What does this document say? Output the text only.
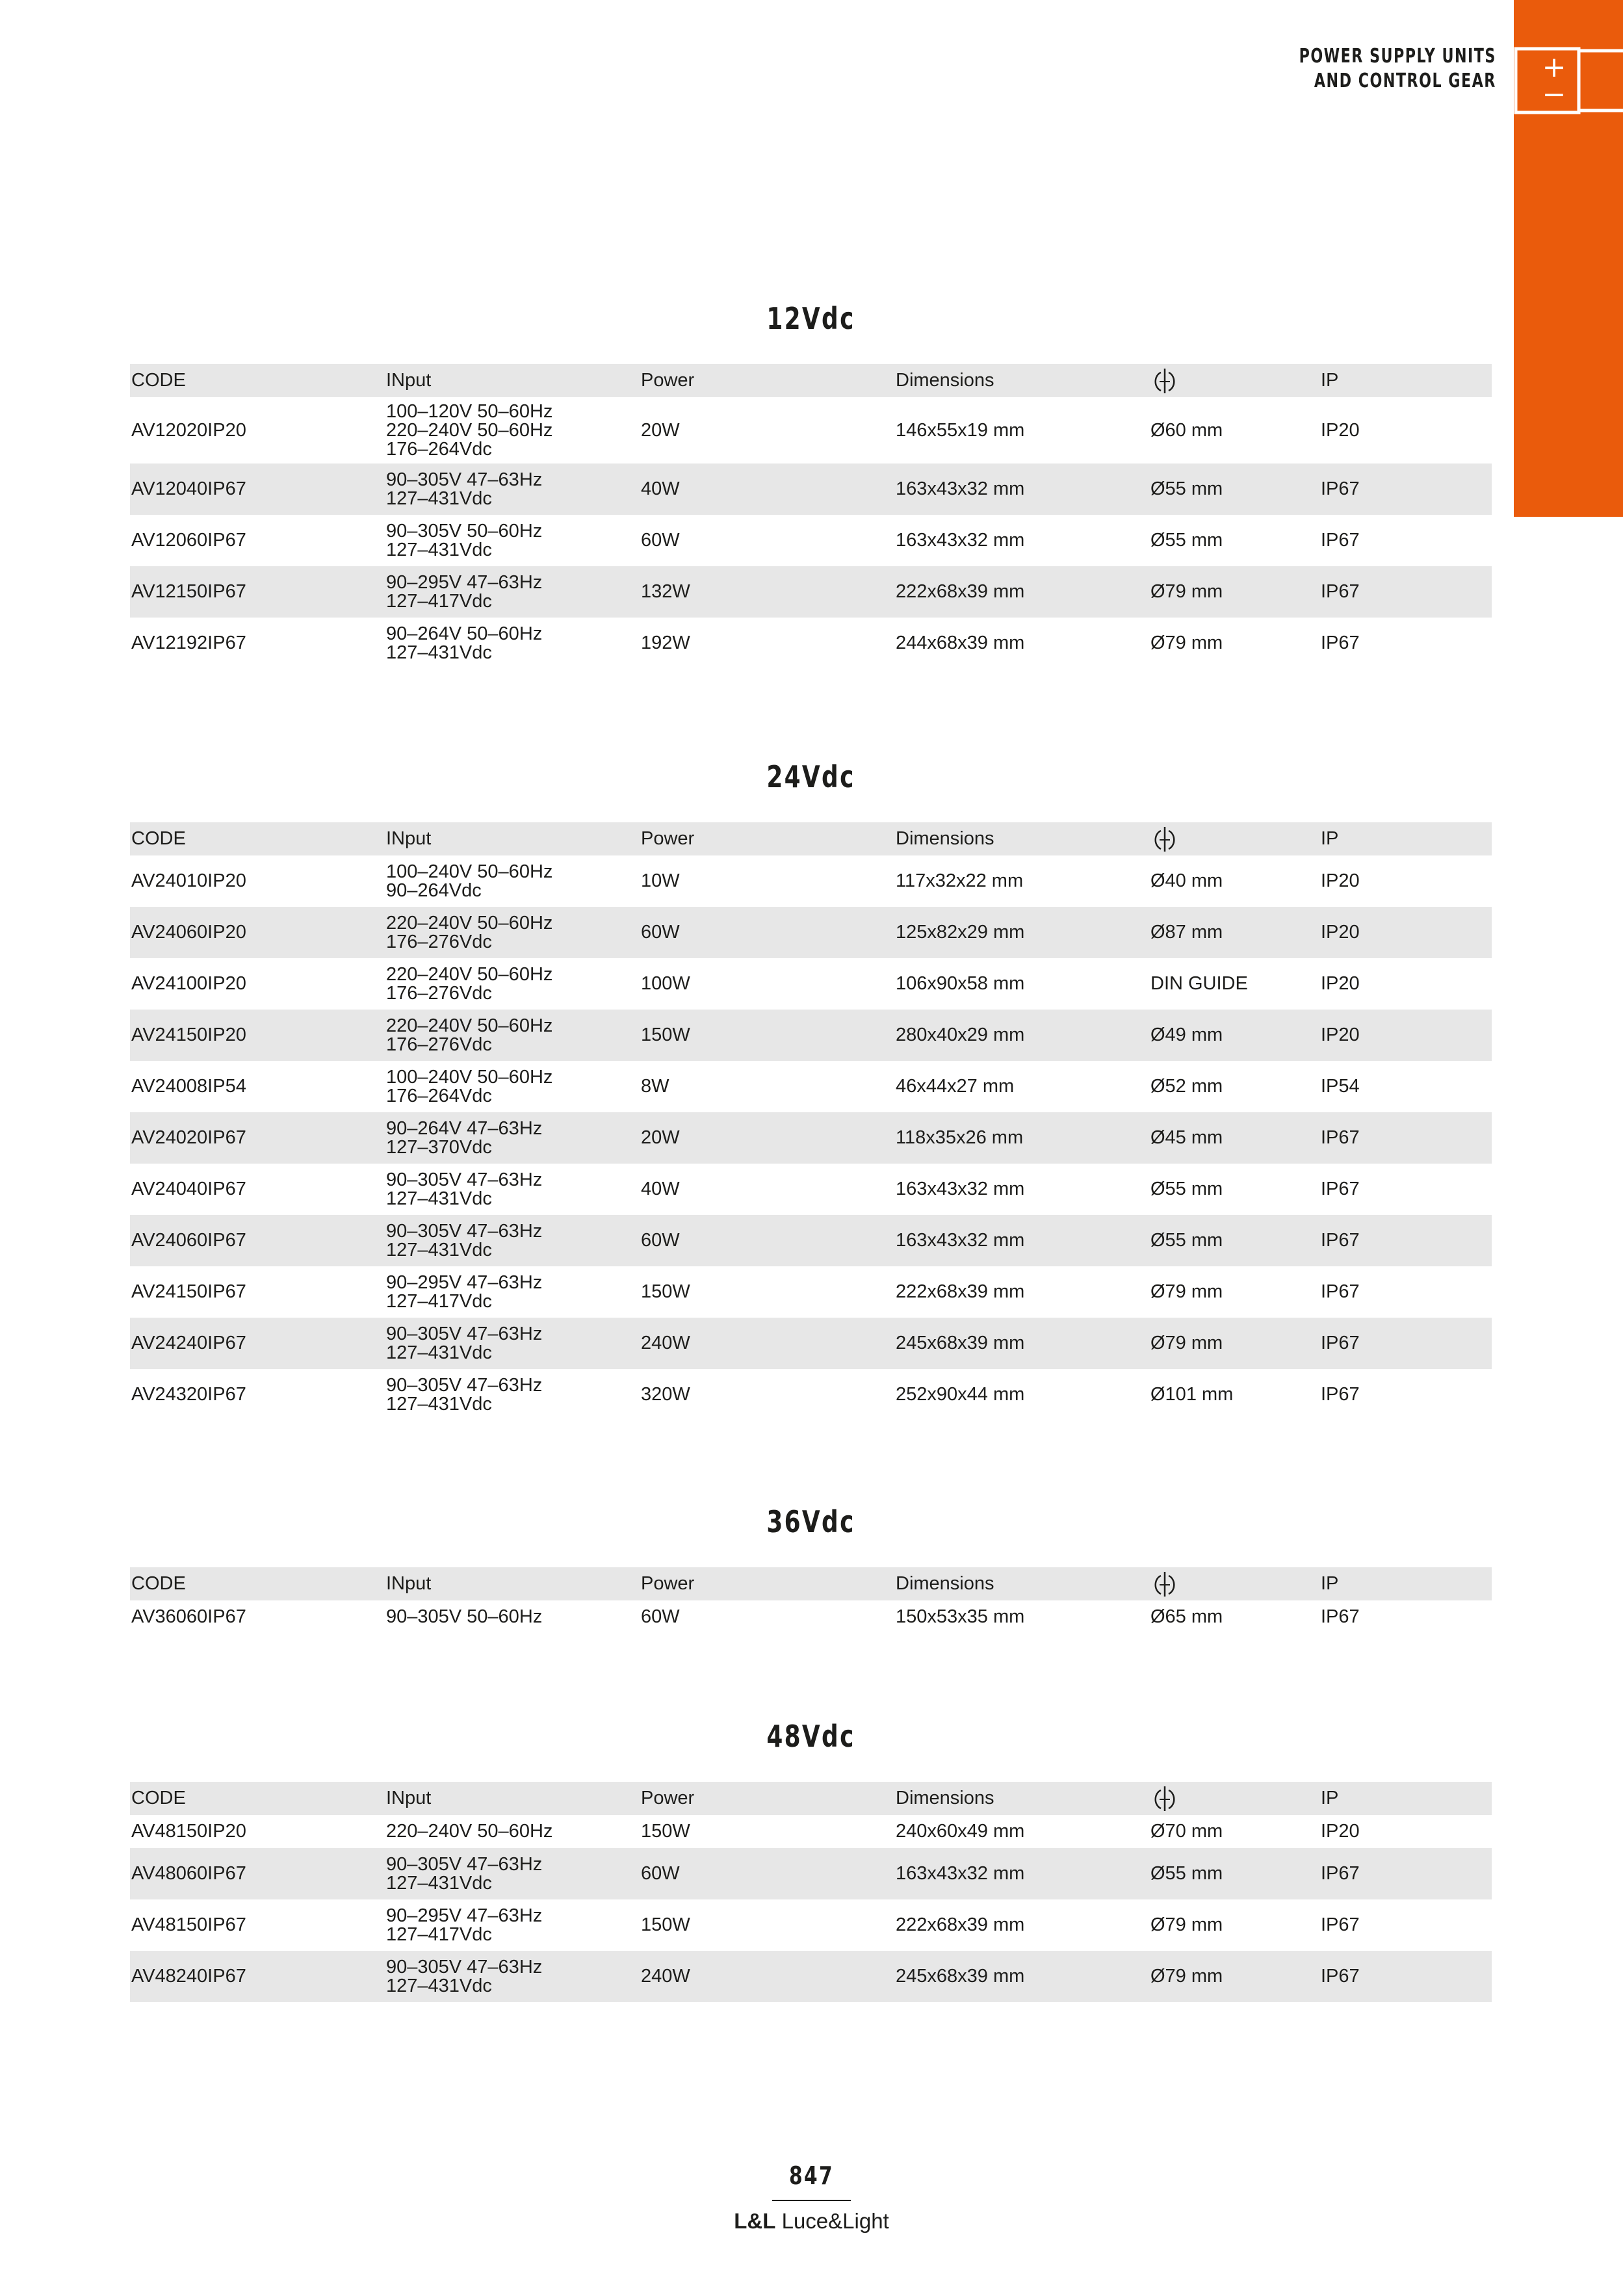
+
−
POWER SUPPLY UNITS
AND CONTROL GEAR
12Vdc
CODE	INput	Power	Dimensions		IP
AV12020IP20	100–120V 50–60Hz
220–240V 50–60Hz
176–264Vdc	20W	146x55x19 mm	Ø60 mm	IP20
AV12040IP67	90–305V 47–63Hz
127–431Vdc	40W	163x43x32 mm	Ø55 mm	IP67
AV12060IP67	90–305V 50–60Hz
127–431Vdc	60W	163x43x32 mm	Ø55 mm	IP67
AV12150IP67	90–295V 47–63Hz
127–417Vdc	132W	222x68x39 mm	Ø79 mm	IP67
AV12192IP67	90–264V 50–60Hz
127–431Vdc	192W	244x68x39 mm	Ø79 mm	IP67
24Vdc
CODE	INput	Power	Dimensions		IP
AV24010IP20	100–240V 50–60Hz
90–264Vdc	10W	117x32x22 mm	Ø40 mm	IP20
AV24060IP20	220–240V 50–60Hz
176–276Vdc	60W	125x82x29 mm	Ø87 mm	IP20
AV24100IP20	220–240V 50–60Hz
176–276Vdc	100W	106x90x58 mm	DIN GUIDE	IP20
AV24150IP20	220–240V 50–60Hz
176–276Vdc	150W	280x40x29 mm	Ø49 mm	IP20
AV24008IP54	100–240V 50–60Hz
176–264Vdc	8W	46x44x27 mm	Ø52 mm	IP54
AV24020IP67	90–264V 47–63Hz
127–370Vdc	20W	118x35x26 mm	Ø45 mm	IP67
AV24040IP67	90–305V 47–63Hz
127–431Vdc	40W	163x43x32 mm	Ø55 mm	IP67
AV24060IP67	90–305V 47–63Hz
127–431Vdc	60W	163x43x32 mm	Ø55 mm	IP67
AV24150IP67	90–295V 47–63Hz
127–417Vdc	150W	222x68x39 mm	Ø79 mm	IP67
AV24240IP67	90–305V 47–63Hz
127–431Vdc	240W	245x68x39 mm	Ø79 mm	IP67
AV24320IP67	90–305V 47–63Hz
127–431Vdc	320W	252x90x44 mm	Ø101 mm	IP67
36Vdc
CODE	INput	Power	Dimensions		IP
AV36060IP67	90–305V 50–60Hz	60W	150x53x35 mm	Ø65 mm	IP67
48Vdc
CODE	INput	Power	Dimensions		IP
AV48150IP20	220–240V 50–60Hz	150W	240x60x49 mm	Ø70 mm	IP20
AV48060IP67	90–305V 47–63Hz
127–431Vdc	60W	163x43x32 mm	Ø55 mm	IP67
AV48150IP67	90–295V 47–63Hz
127–417Vdc	150W	222x68x39 mm	Ø79 mm	IP67
AV48240IP67	90–305V 47–63Hz
127–431Vdc	240W	245x68x39 mm	Ø79 mm	IP67
847
L&L Luce&Light
